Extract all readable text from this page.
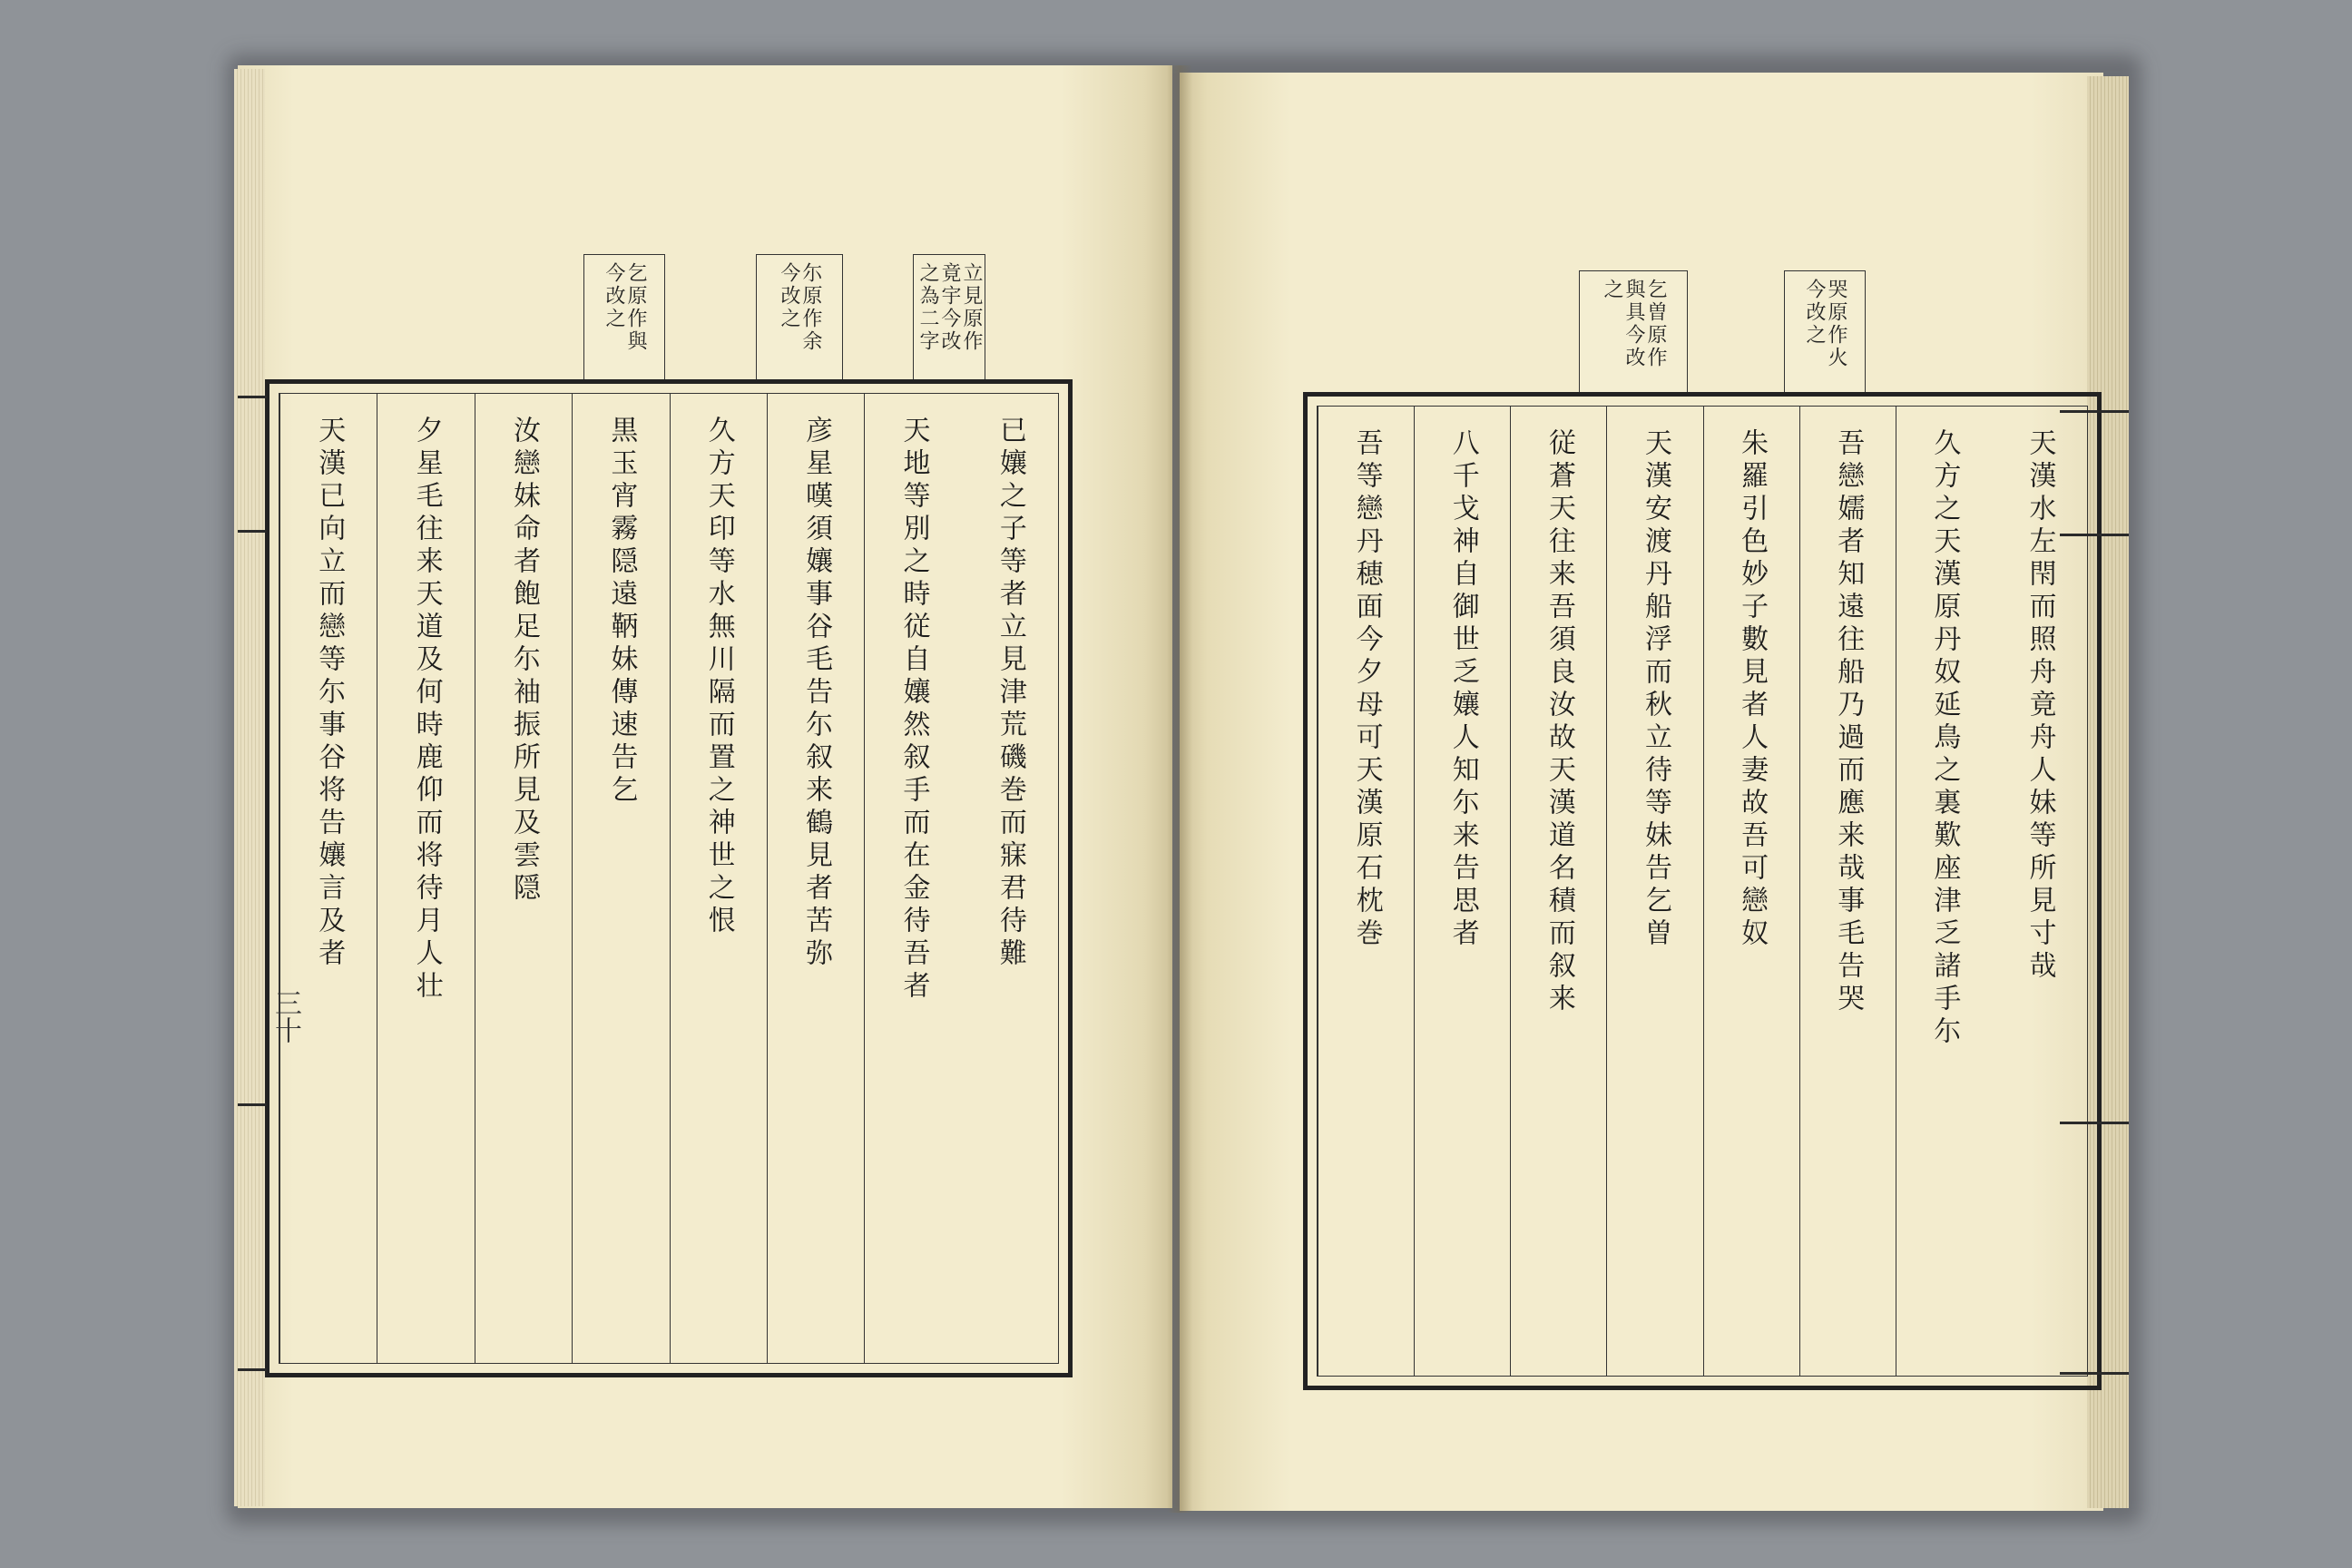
立見原作
竟宇今改
之為二字
尓原作余
今改之
乞原作與
今改之
已孃之子等者立見津荒磯巻而寐君待難
天地等別之時従自孃然叙手而在金待吾者
彦星嘆須孃事谷毛告尓叙来鶴見者苦弥
久方天印等水無川隔而置之神世之恨
黒玉宵霧隠遠鞆妹傳速告乞
汝戀妹命者飽足尓袖振所見及雲隠
夕星毛往来天道及何時鹿仰而将待月人壮
天漢已向立而戀等尓事谷将告孃言及者
三十
哭原作火
今改之
乞曽原作
與具今改
之
天漢水左閇而照舟竟舟人妹等所見寸哉
久方之天漢原丹奴延鳥之裏歎座津乏諸手尓
吾戀嬬者知遠往船乃過而應来哉事毛告哭
朱羅引色妙子數見者人妻故吾可戀奴
天漢安渡丹船浮而秋立待等妹告乞曽
従蒼天往来吾須良汝故天漢道名積而叙来
八千戈神自御世乏孃人知尓来告思者
吾等戀丹穂面今夕母可天漢原石枕巻
